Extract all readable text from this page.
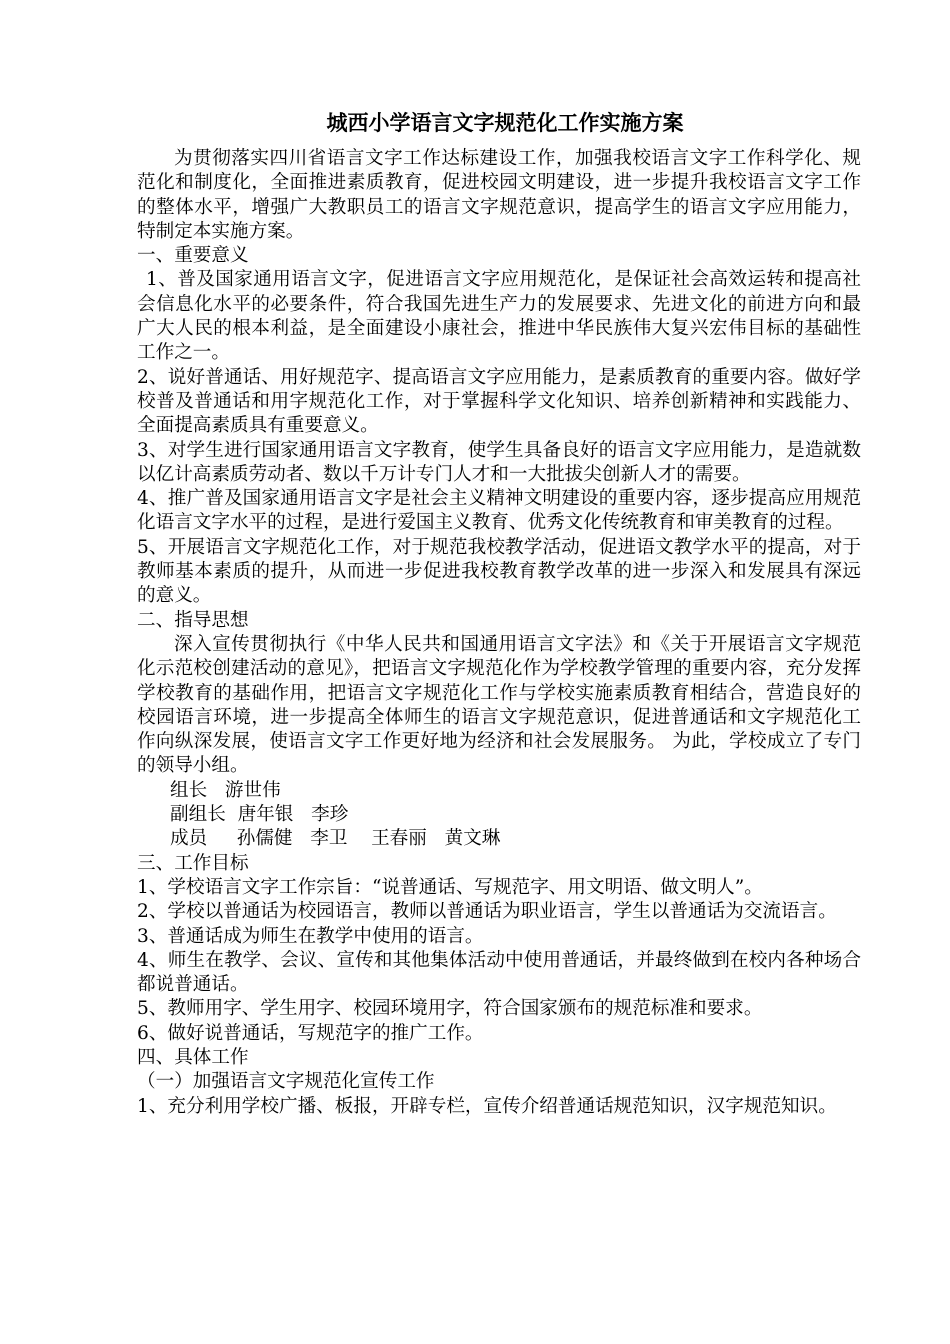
城西小学语言文字规范化工作实施方案

为贯彻落实四川省语言文字工作达标建设工作，加强我校语言文字工作科学化、规范化和制度化，全面推进素质教育，促进校园文明建设，进一步提升我校语言文字工作的整体水平，增强广大教职员工的语言文字规范意识，提高学生的语言文字应用能力，特制定本实施方案。

一、重要意义

1、普及国家通用语言文字，促进语言文字应用规范化，是保证社会高效运转和提高社会信息化水平的必要条件，符合我国先进生产力的发展要求、先进文化的前进方向和最广大人民的根本利益，是全面建设小康社会，推进中华民族伟大复兴宏伟目标的基础性工作之一。

2、说好普通话、用好规范字、提高语言文字应用能力，是素质教育的重要内容。做好学校普及普通话和用字规范化工作，对于掌握科学文化知识、培养创新精神和实践能力、全面提高素质具有重要意义。

3、对学生进行国家通用语言文字教育，使学生具备良好的语言文字应用能力，是造就数以亿计高素质劳动者、数以千万计专门人才和一大批拔尖创新人才的需要。

4、推广普及国家通用语言文字是社会主义精神文明建设的重要内容，逐步提高应用规范化语言文字水平的过程，是进行爱国主义教育、优秀文化传统教育和审美教育的过程。

5、开展语言文字规范化工作，对于规范我校教学活动，促进语文教学水平的提高，对于教师基本素质的提升，从而进一步促进我校教育教学改革的进一步深入和发展具有深远的意义。

二、指导思想

深入宣传贯彻执行《中华人民共和国通用语言文字法》和《关于开展语言文字规范化示范校创建活动的意见》，把语言文字规范化作为学校教学管理的重要内容，充分发挥学校教育的基础作用，把语言文字规范化工作与学校实施素质教育相结合，营造良好的校园语言环境，进一步提高全体师生的语言文字规范意识，促进普通话和文字规范化工作向纵深发展，使语言文字工作更好地为经济和社会发展服务。 为此，学校成立了专门的领导小组。

组长   游世伟

副组长  唐年银   李珍

成员     孙儒健   李卫    王春丽   黄文琳

三、工作目标

1、学校语言文字工作宗旨：“说普通话、写规范字、用文明语、做文明人”。

2、学校以普通话为校园语言，教师以普通话为职业语言，学生以普通话为交流语言。

3、普通话成为师生在教学中使用的语言。

4、师生在教学、会议、宣传和其他集体活动中使用普通话，并最终做到在校内各种场合都说普通话。

5、教师用字、学生用字、校园环境用字，符合国家颁布的规范标准和要求。

6、做好说普通话，写规范字的推广工作。

四、具体工作

（一）加强语言文字规范化宣传工作

1、充分利用学校广播、板报，开辟专栏，宣传介绍普通话规范知识，汉字规范知识。
